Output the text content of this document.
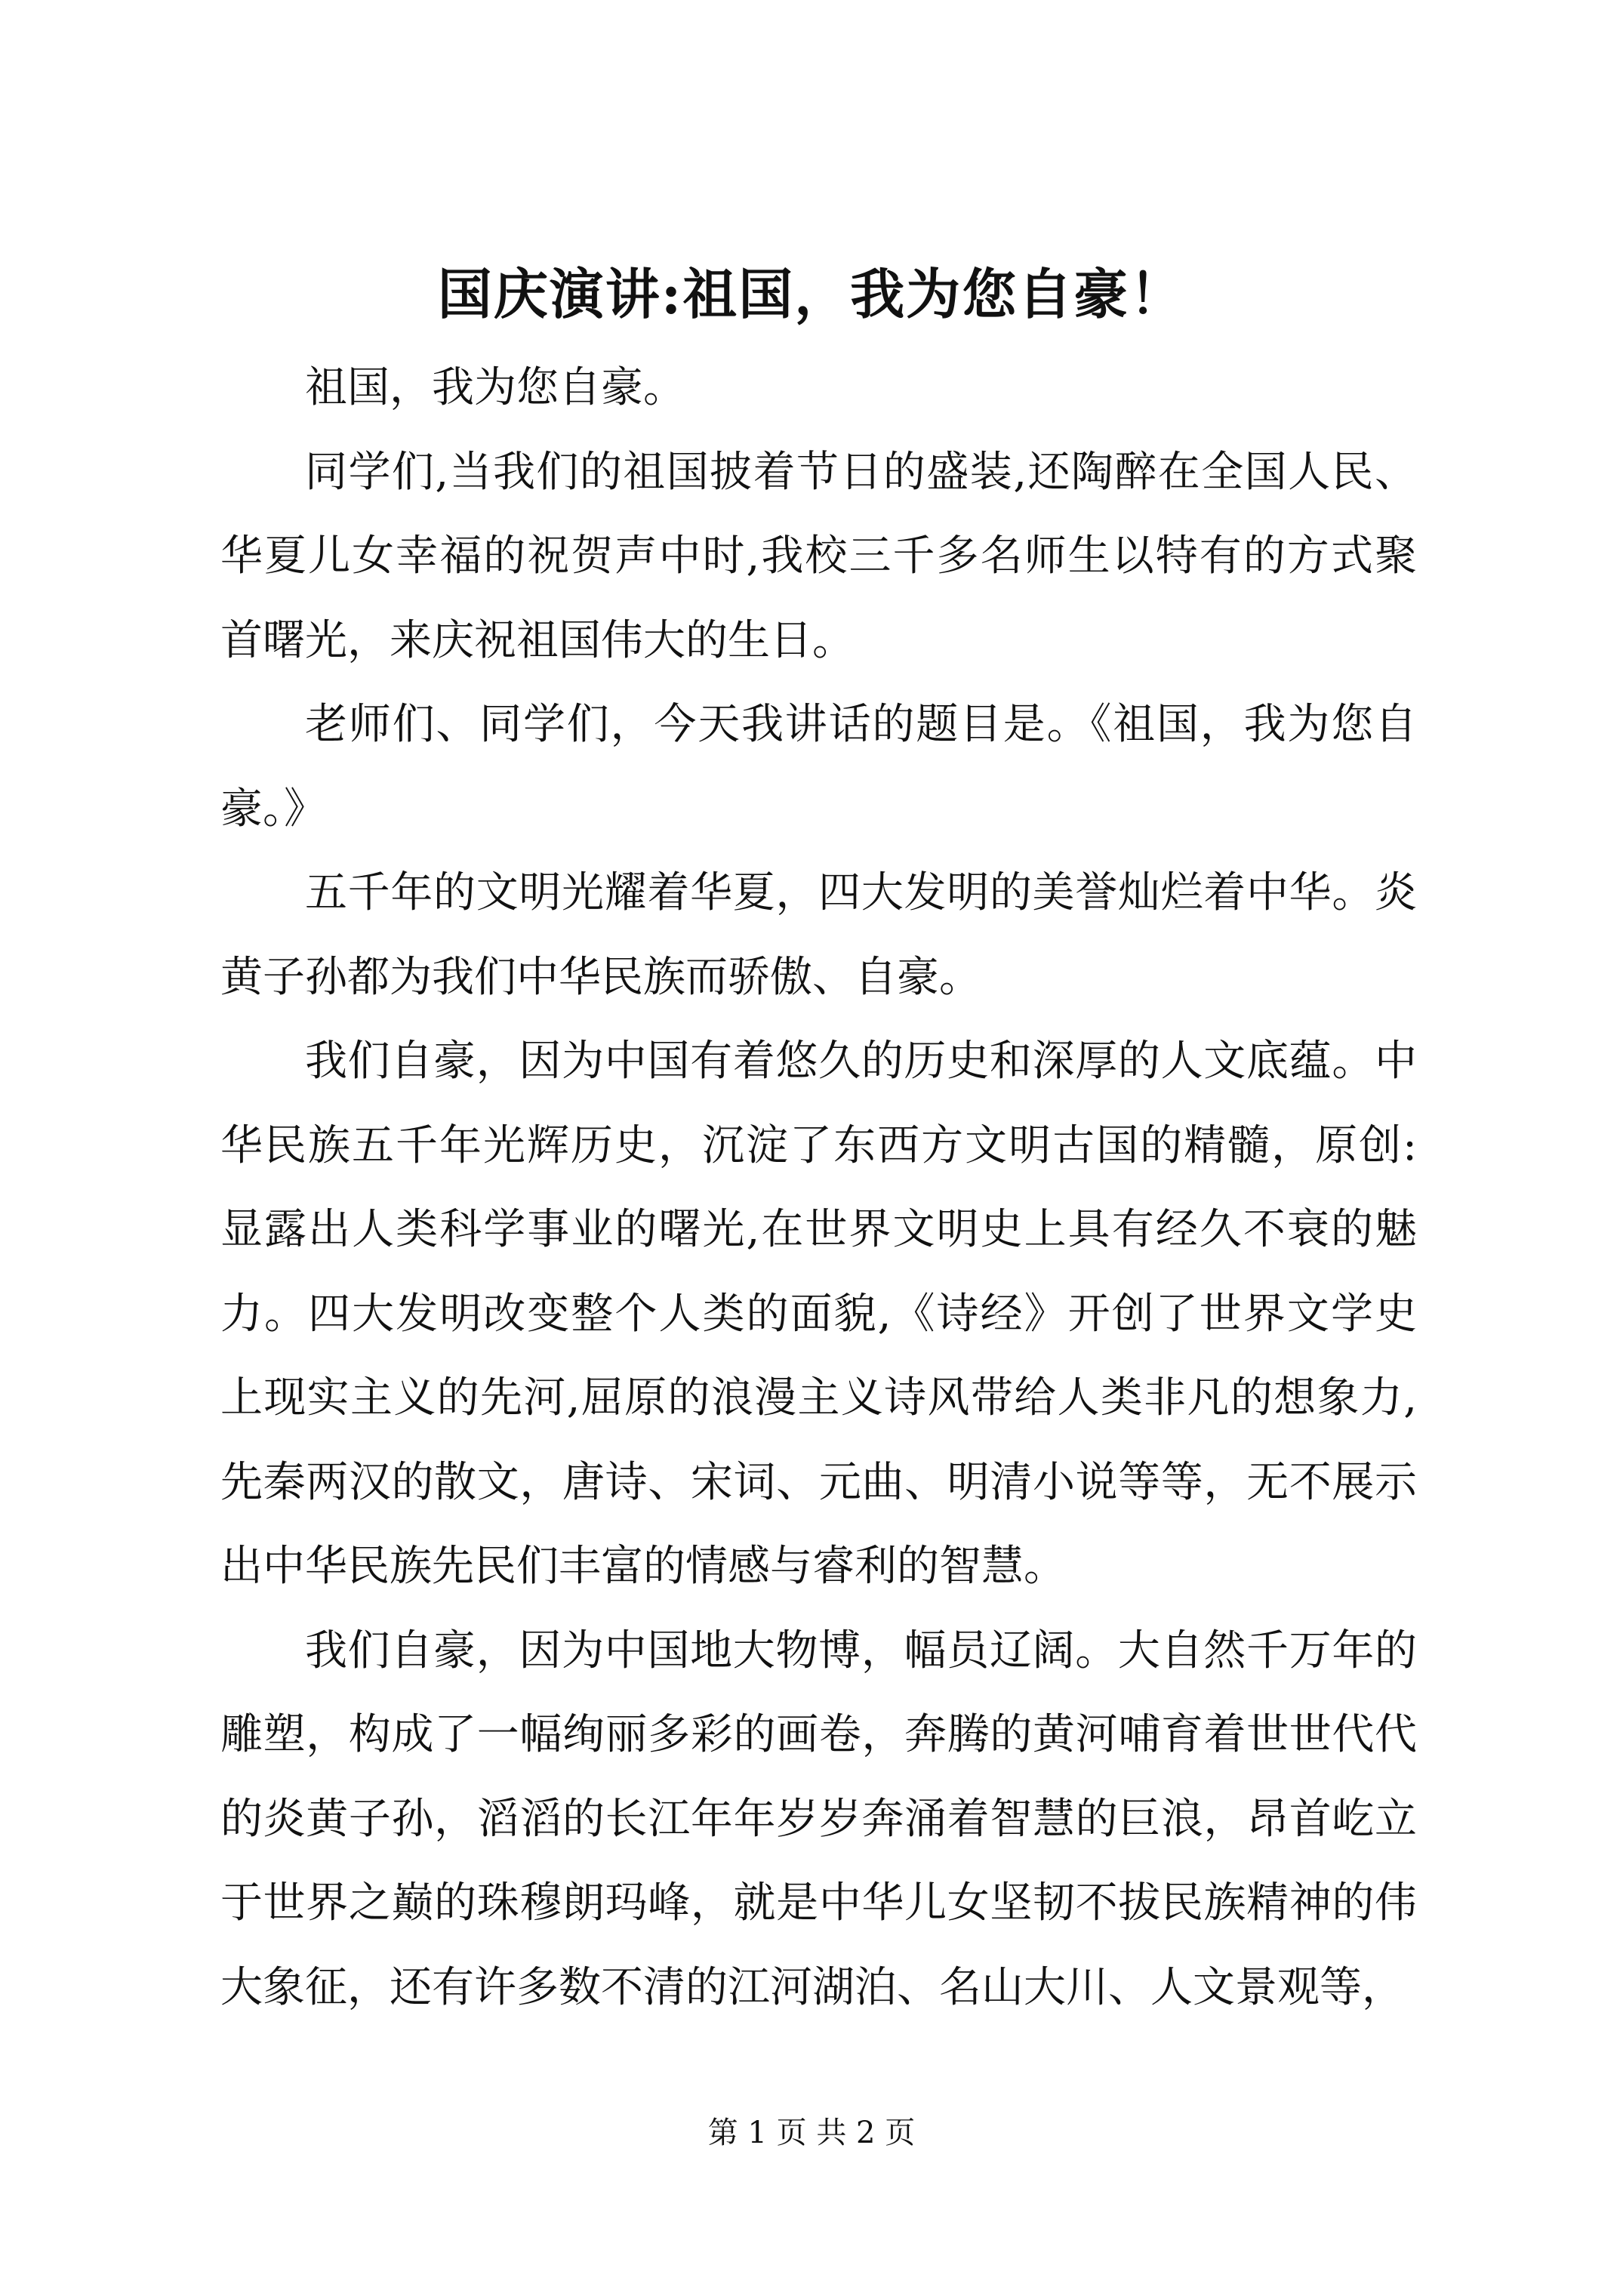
国庆演讲:祖国，我为您自豪！

祖国，我为您自豪。

同学们,当我们的祖国披着节日的盛装,还陶醉在全国人民、华夏儿女幸福的祝贺声中时,我校三千多名师生以特有的方式聚首曙光，来庆祝祖国伟大的生日。

老师们、同学们，今天我讲话的题目是。《祖国，我为您自豪。》

五千年的文明光耀着华夏，四大发明的美誉灿烂着中华。炎黄子孙都为我们中华民族而骄傲、自豪。

我们自豪，因为中国有着悠久的历史和深厚的人文底蕴。中华民族五千年光辉历史，沉淀了东西方文明古国的精髓，原创:显露出人类科学事业的曙光,在世界文明史上具有经久不衰的魅力。四大发明改变整个人类的面貌,《诗经》开创了世界文学史上现实主义的先河,屈原的浪漫主义诗风带给人类非凡的想象力,先秦两汉的散文，唐诗、宋词、元曲、明清小说等等，无不展示出中华民族先民们丰富的情感与睿利的智慧。

我们自豪，因为中国地大物博，幅员辽阔。大自然千万年的雕塑，构成了一幅绚丽多彩的画卷，奔腾的黄河哺育着世世代代的炎黄子孙，滔滔的长江年年岁岁奔涌着智慧的巨浪，昂首屹立于世界之巅的珠穆朗玛峰，就是中华儿女坚韧不拔民族精神的伟大象征，还有许多数不清的江河湖泊、名山大川、人文景观等，

第 1 页 共 2 页
